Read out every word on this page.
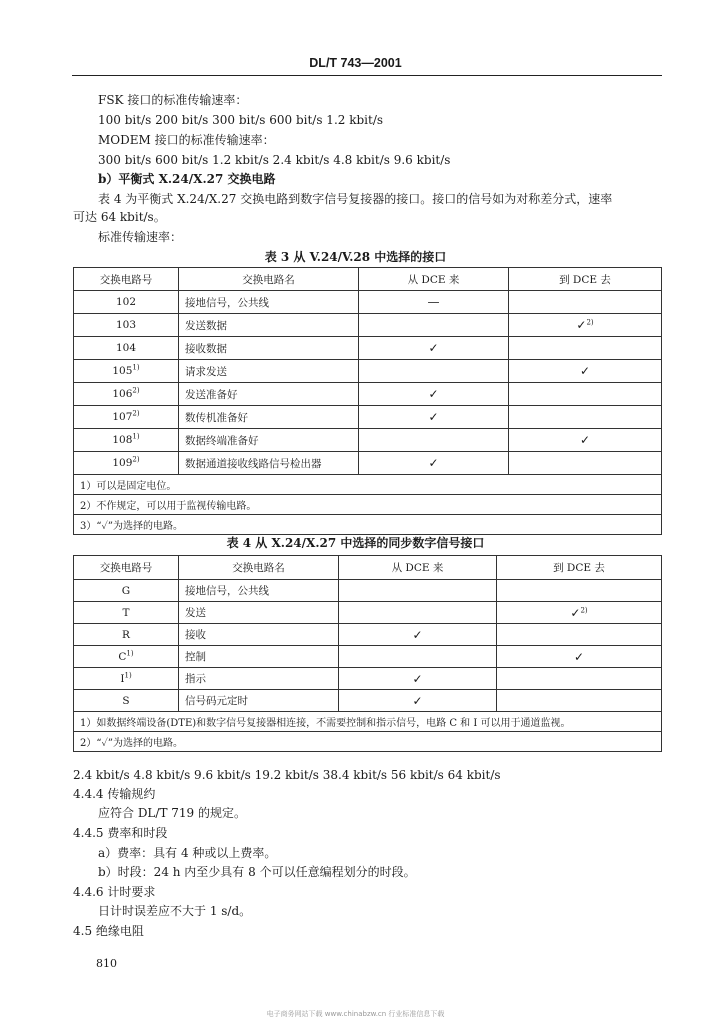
DL/T 743—2001
FSK 接口的标准传输速率：
100 bit/s 200 bit/s 300 bit/s 600 bit/s 1.2 kbit/s
MODEM 接口的标准传输速率：
300 bit/s 600 bit/s 1.2 kbit/s 2.4 kbit/s 4.8 kbit/s 9.6 kbit/s
b）平衡式 X.24/X.27 交换电路
表 4 为平衡式 X.24/X.27 交换电路到数字信号复接器的接口。接口的信号如为对称差分式，速率
可达 64 kbit/s。
标准传输速率：
表 3 从 V.24/V.28 中选择的接口
交换电路号	交换电路名	从 DCE 来	到 DCE 去
102	接地信号，公共线	—	
103	发送数据		✓$^{2)}$
104	接收数据	✓	
105$^{1)}$	请求发送		✓
106$^{2)}$	发送准备好	✓	
107$^{2)}$	数传机准备好	✓	
108$^{1)}$	数据终端准备好		✓
109$^{2)}$	数据通道接收线路信号检出器	✓	
1）可以是固定电位。			
2）不作规定，可以用于监视传输电路。			
3）“✓”为选择的电路。			
表 4 从 X.24/X.27 中选择的同步数字信号接口
交换电路号	交换电路名	从 DCE 来	到 DCE 去
G	接地信号，公共线		
T	发送		✓$^{2)}$
R	接收	✓	
$C^{1)}$	控制		✓
$I^{1)}$	指示	✓	
S	信号码元定时	✓	
1）如数据终端设备(DTE)和数字信号复接器相连接，不需要控制和指示信号，电路 C 和 I 可以用于通道监视。			
2）“✓”为选择的电路。			
2.4 kbit/s 4.8 kbit/s 9.6 kbit/s 19.2 kbit/s 38.4 kbit/s 56 kbit/s 64 kbit/s
4.4.4 传输规约
应符合 DL/T 719 的规定。
4.4.5 费率和时段
a）费率：具有 4 种或以上费率。
b）时段：24 h 内至少具有 8 个可以任意编程划分的时段。
4.4.6 计时要求
日计时误差应不大于 1 s/d。
4.5 绝缘电阻
810
电子商务网站下载 www.chinabzw.cn 行业标准信息下载
